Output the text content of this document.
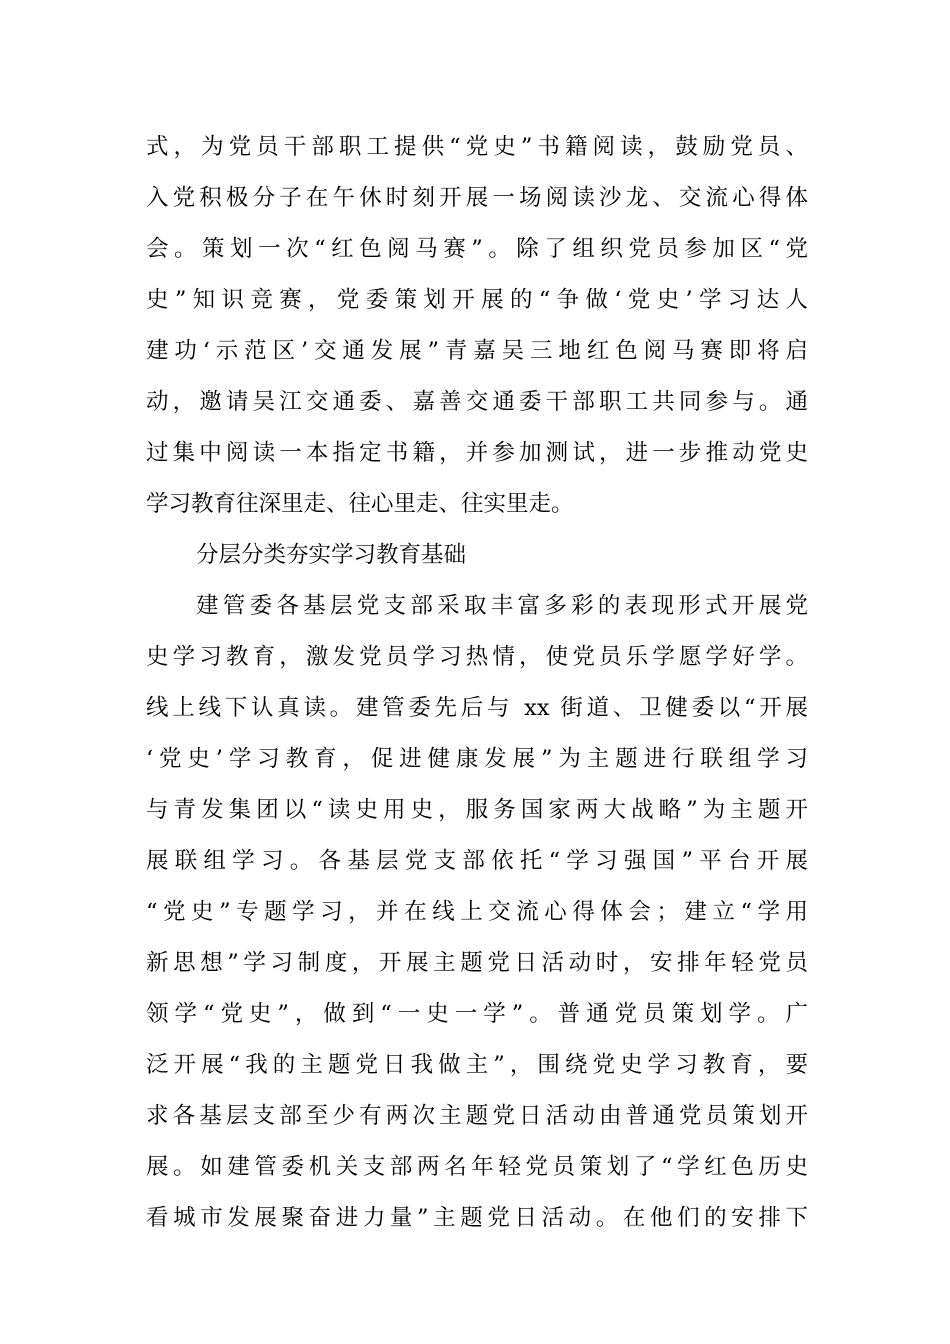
式，为党员干部职工提供“党史”书籍阅读，鼓励党员、
入党积极分子在午休时刻开展一场阅读沙龙、交流心得体
会。策划一次“红色阅马赛”。除了组织党员参加区“党
史”知识竞赛，党委策划开展的“争做‘党史’学习达人
建功‘示范区’交通发展”青嘉吴三地红色阅马赛即将启
动，邀请吴江交通委、嘉善交通委干部职工共同参与。通
过集中阅读一本指定书籍，并参加测试，进一步推动党史
学习教育往深里走、往心里走、往实里走。
分层分类夯实学习教育基础
建管委各基层党支部采取丰富多彩的表现形式开展党
史学习教育，激发党员学习热情，使党员乐学愿学好学。
线上线下认真读。建管委先后与 xx 街道、卫健委以“开展
‘党史’学习教育，促进健康发展”为主题进行联组学习
与青发集团以“读史用史，服务国家两大战略”为主题开
展联组学习。各基层党支部依托“学习强国”平台开展
“党史”专题学习，并在线上交流心得体会；建立“学用
新思想”学习制度，开展主题党日活动时，安排年轻党员
领学“党史”，做到“一史一学”。普通党员策划学。广
泛开展“我的主题党日我做主”，围绕党史学习教育，要
求各基层支部至少有两次主题党日活动由普通党员策划开
展。如建管委机关支部两名年轻党员策划了“学红色历史
看城市发展聚奋进力量”主题党日活动。在他们的安排下
